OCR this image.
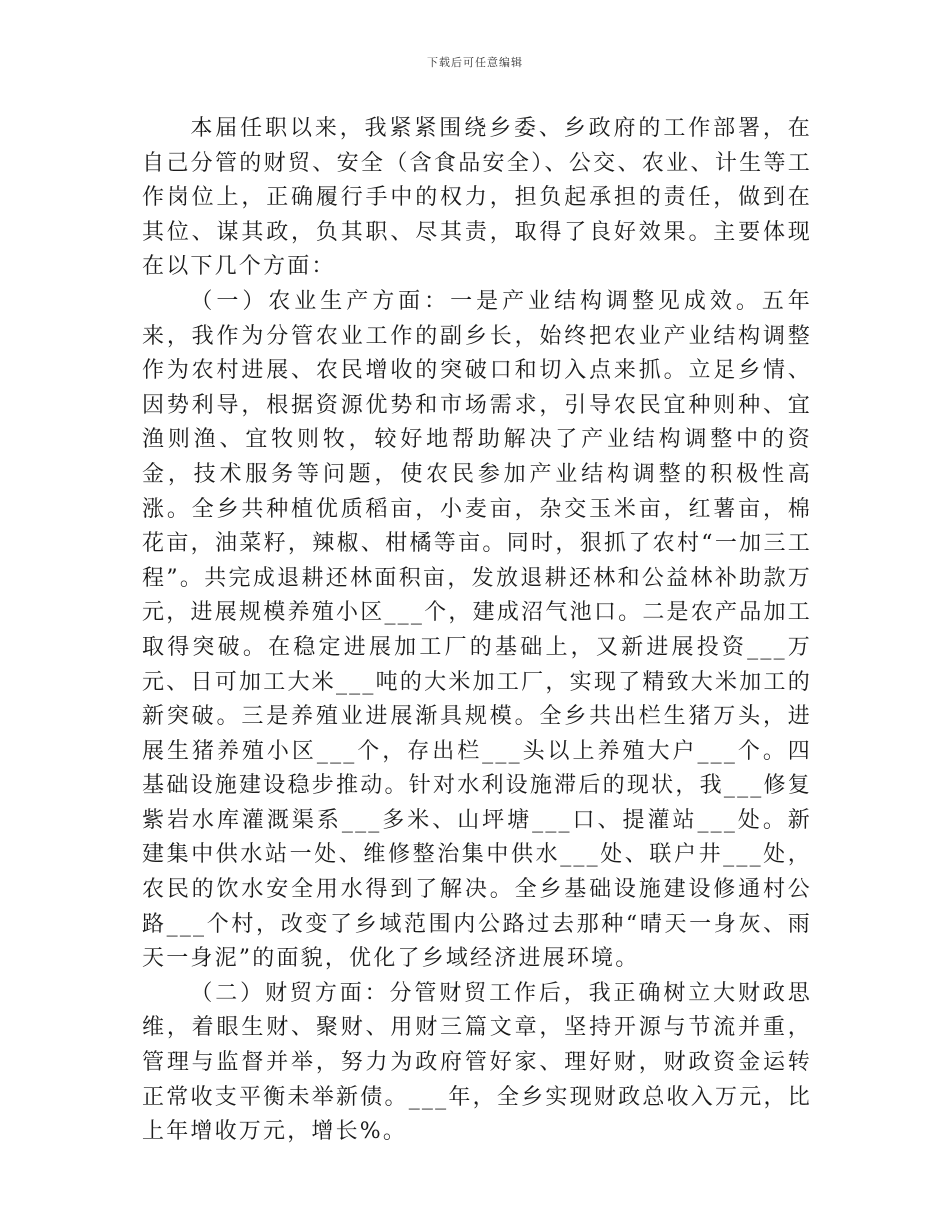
下载后可任意编辑

本届任职以来，我紧紧围绕乡委、乡政府的工作部署，在自己分管的财贸、安全（含食品安全）、公交、农业、计生等工作岗位上，正确履行手中的权力，担负起承担的责任，做到在其位、谋其政，负其职、尽其责，取得了良好效果。主要体现在以下几个方面：

（一）农业生产方面：一是产业结构调整见成效。五年来，我作为分管农业工作的副乡长，始终把农业产业结构调整作为农村进展、农民增收的突破口和切入点来抓。立足乡情、因势利导，根据资源优势和市场需求，引导农民宜种则种、宜渔则渔、宜牧则牧，较好地帮助解决了产业结构调整中的资金，技术服务等问题，使农民参加产业结构调整的积极性高涨。全乡共种植优质稻亩，小麦亩，杂交玉米亩，红薯亩，棉花亩，油菜籽，辣椒、柑橘等亩。同时，狠抓了农村“一加三工程”。共完成退耕还林面积亩，发放退耕还林和公益林补助款万元，进展规模养殖小区___个，建成沼气池口。二是农产品加工取得突破。在稳定进展加工厂的基础上，又新进展投资___万元、日可加工大米___吨的大米加工厂，实现了精致大米加工的新突破。三是养殖业进展渐具规模。全乡共出栏生猪万头，进展生猪养殖小区___个，存出栏___头以上养殖大户___个。四基础设施建设稳步推动。针对水利设施滞后的现状，我___修复紫岩水库灌溉渠系___多米、山坪塘___口、提灌站___处。新建集中供水站一处、维修整治集中供水___处、联户井___处，农民的饮水安全用水得到了解决。全乡基础设施建设修通村公路___个村，改变了乡域范围内公路过去那种“晴天一身灰、雨天一身泥”的面貌，优化了乡域经济进展环境。

（二）财贸方面：分管财贸工作后，我正确树立大财政思维，着眼生财、聚财、用财三篇文章，坚持开源与节流并重，管理与监督并举，努力为政府管好家、理好财，财政资金运转正常收支平衡未举新债。___年，全乡实现财政总收入万元，比上年增收万元，增长%。
